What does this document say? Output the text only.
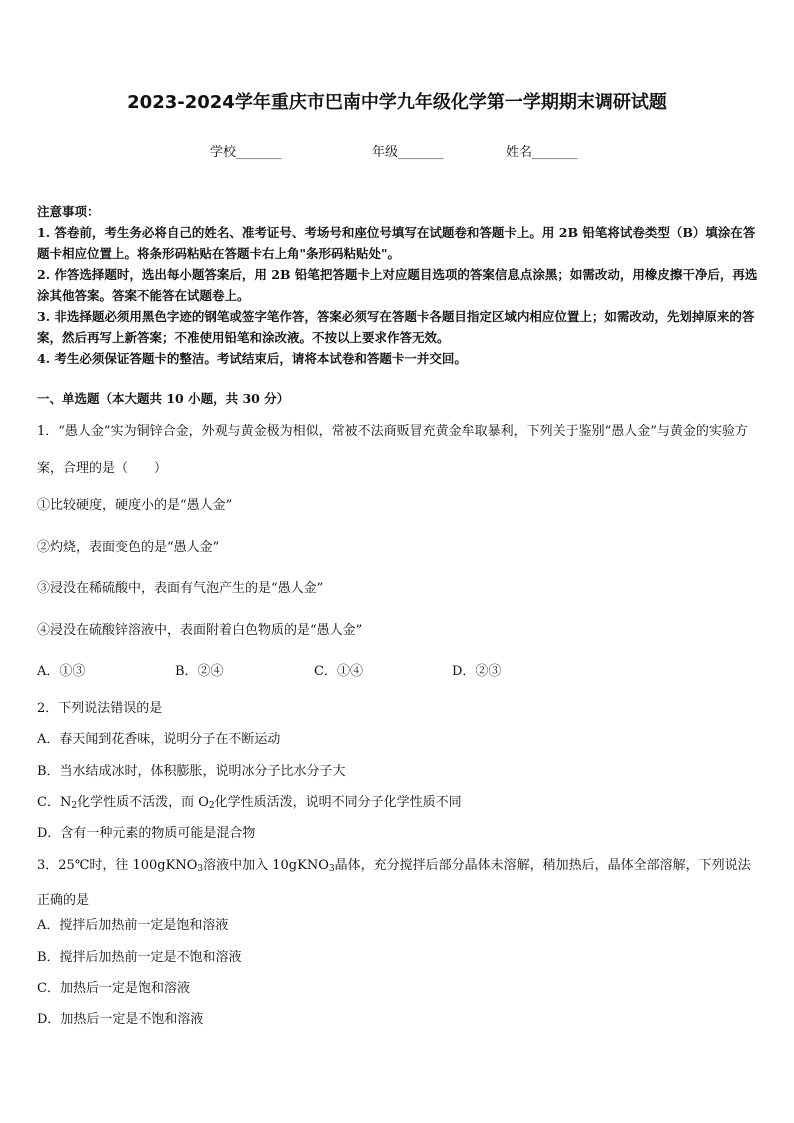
2023-2024学年重庆市巴南中学九年级化学第一学期期末调研试题
学校_______	年级_______	姓名_______
注意事项：
1. 答卷前，考生务必将自己的姓名、准考证号、考场号和座位号填写在试题卷和答题卡上。用 2B 铅笔将试卷类型（B）填涂在答题卡相应位置上。将条形码粘贴在答题卡右上角"条形码粘贴处"。
2. 作答选择题时，选出每小题答案后，用 2B 铅笔把答题卡上对应题目选项的答案信息点涂黑；如需改动，用橡皮擦干净后，再选涂其他答案。答案不能答在试题卷上。
3. 非选择题必须用黑色字迹的钢笔或签字笔作答，答案必须写在答题卡各题目指定区域内相应位置上；如需改动，先划掉原来的答案，然后再写上新答案；不准使用铅笔和涂改液。不按以上要求作答无效。
4. 考生必须保证答题卡的整洁。考试结束后，请将本试卷和答题卡一并交回。
一、单选题（本大题共 10 小题，共 30 分）
1．“愚人金”实为铜锌合金，外观与黄金极为相似，常被不法商贩冒充黄金牟取暴利，下列关于鉴别“愚人金”与黄金的实验方案，合理的是（　　）
①比较硬度，硬度小的是“愚人金”
②灼烧，表面变色的是“愚人金”
③浸没在稀硫酸中，表面有气泡产生的是“愚人金”
④浸没在硫酸锌溶液中，表面附着白色物质的是“愚人金”
A．①③	B．②④	C．①④	D．②③
2．下列说法错误的是
A．春天闻到花香味，说明分子在不断运动
B．当水结成冰时，体积膨胀，说明冰分子比水分子大
C．$N_2$化学性质不活泼，而 $O_2$化学性质活泼，说明不同分子化学性质不同
D．含有一种元素的物质可能是混合物
3．25℃时，往 100gKNO$_3$溶液中加入 10gKNO$_3$晶体，充分搅拌后部分晶体未溶解，稍加热后，晶体全部溶解，下列说法正确的是
A．搅拌后加热前一定是饱和溶液
B．搅拌后加热前一定是不饱和溶液
C．加热后一定是饱和溶液
D．加热后一定是不饱和溶液
